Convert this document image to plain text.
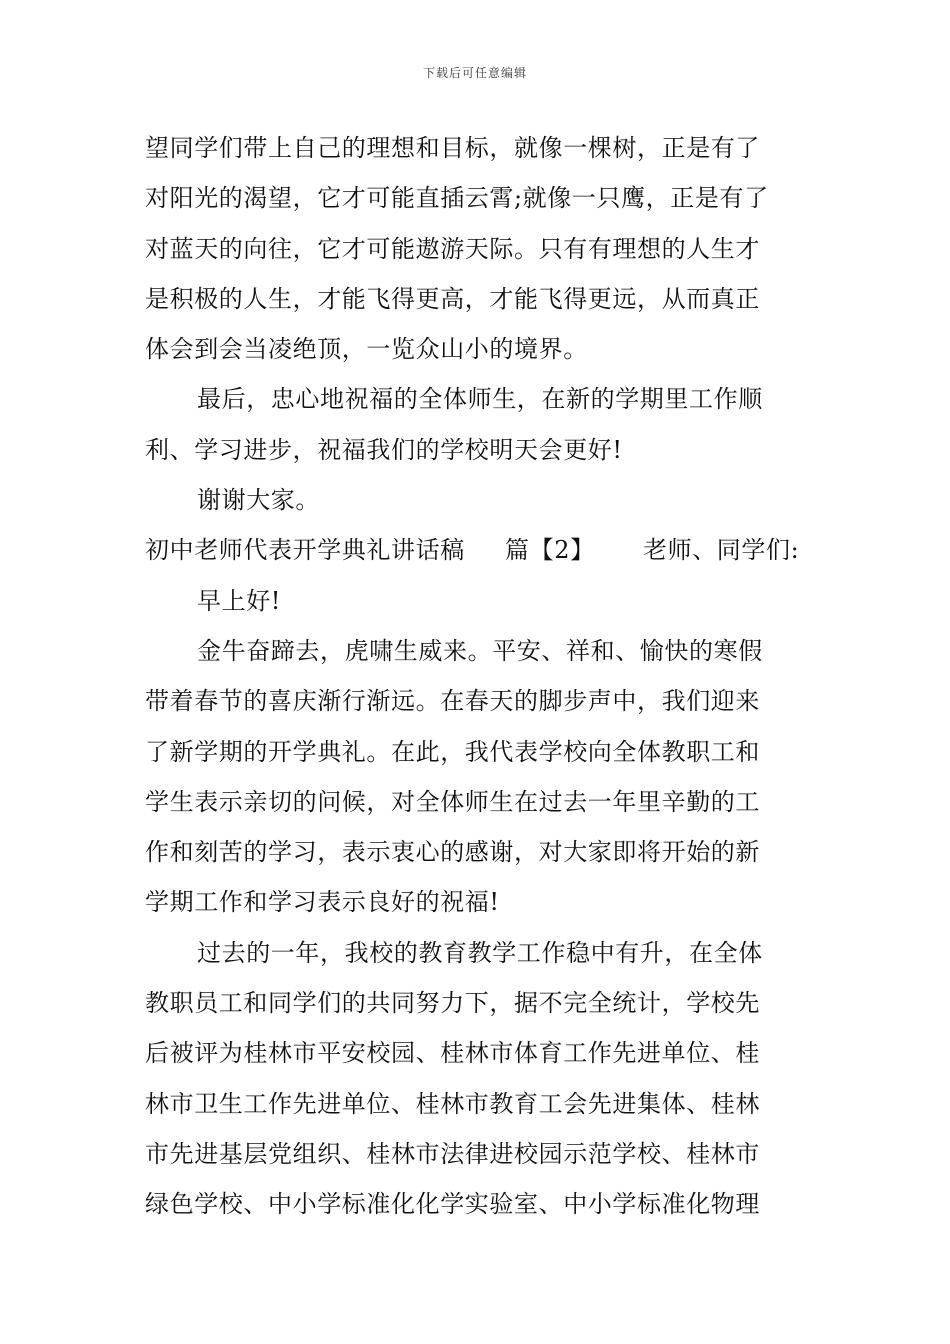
下载后可任意编辑
望同学们带上自己的理想和目标，就像一棵树，正是有了
对阳光的渴望，它才可能直插云霄;就像一只鹰，正是有了
对蓝天的向往，它才可能遨游天际。只有有理想的人生才
是积极的人生，才能飞得更高，才能飞得更远，从而真正
体会到会当凌绝顶，一览众山小的境界。
最后，忠心地祝福的全体师生，在新的学期里工作顺
利、学习进步，祝福我们的学校明天会更好!
谢谢大家。
初中老师代表开学典礼讲话稿	篇【2】	老师、同学们:
早上好!
金牛奋蹄去，虎啸生威来。平安、祥和、愉快的寒假
带着春节的喜庆渐行渐远。在春天的脚步声中，我们迎来
了新学期的开学典礼。在此，我代表学校向全体教职工和
学生表示亲切的问候，对全体师生在过去一年里辛勤的工
作和刻苦的学习，表示衷心的感谢，对大家即将开始的新
学期工作和学习表示良好的祝福!
过去的一年，我校的教育教学工作稳中有升，在全体
教职员工和同学们的共同努力下，据不完全统计，学校先
后被评为桂林市平安校园、桂林市体育工作先进单位、桂
林市卫生工作先进单位、桂林市教育工会先进集体、桂林
市先进基层党组织、桂林市法律进校园示范学校、桂林市
绿色学校、中小学标准化化学实验室、中小学标准化物理
